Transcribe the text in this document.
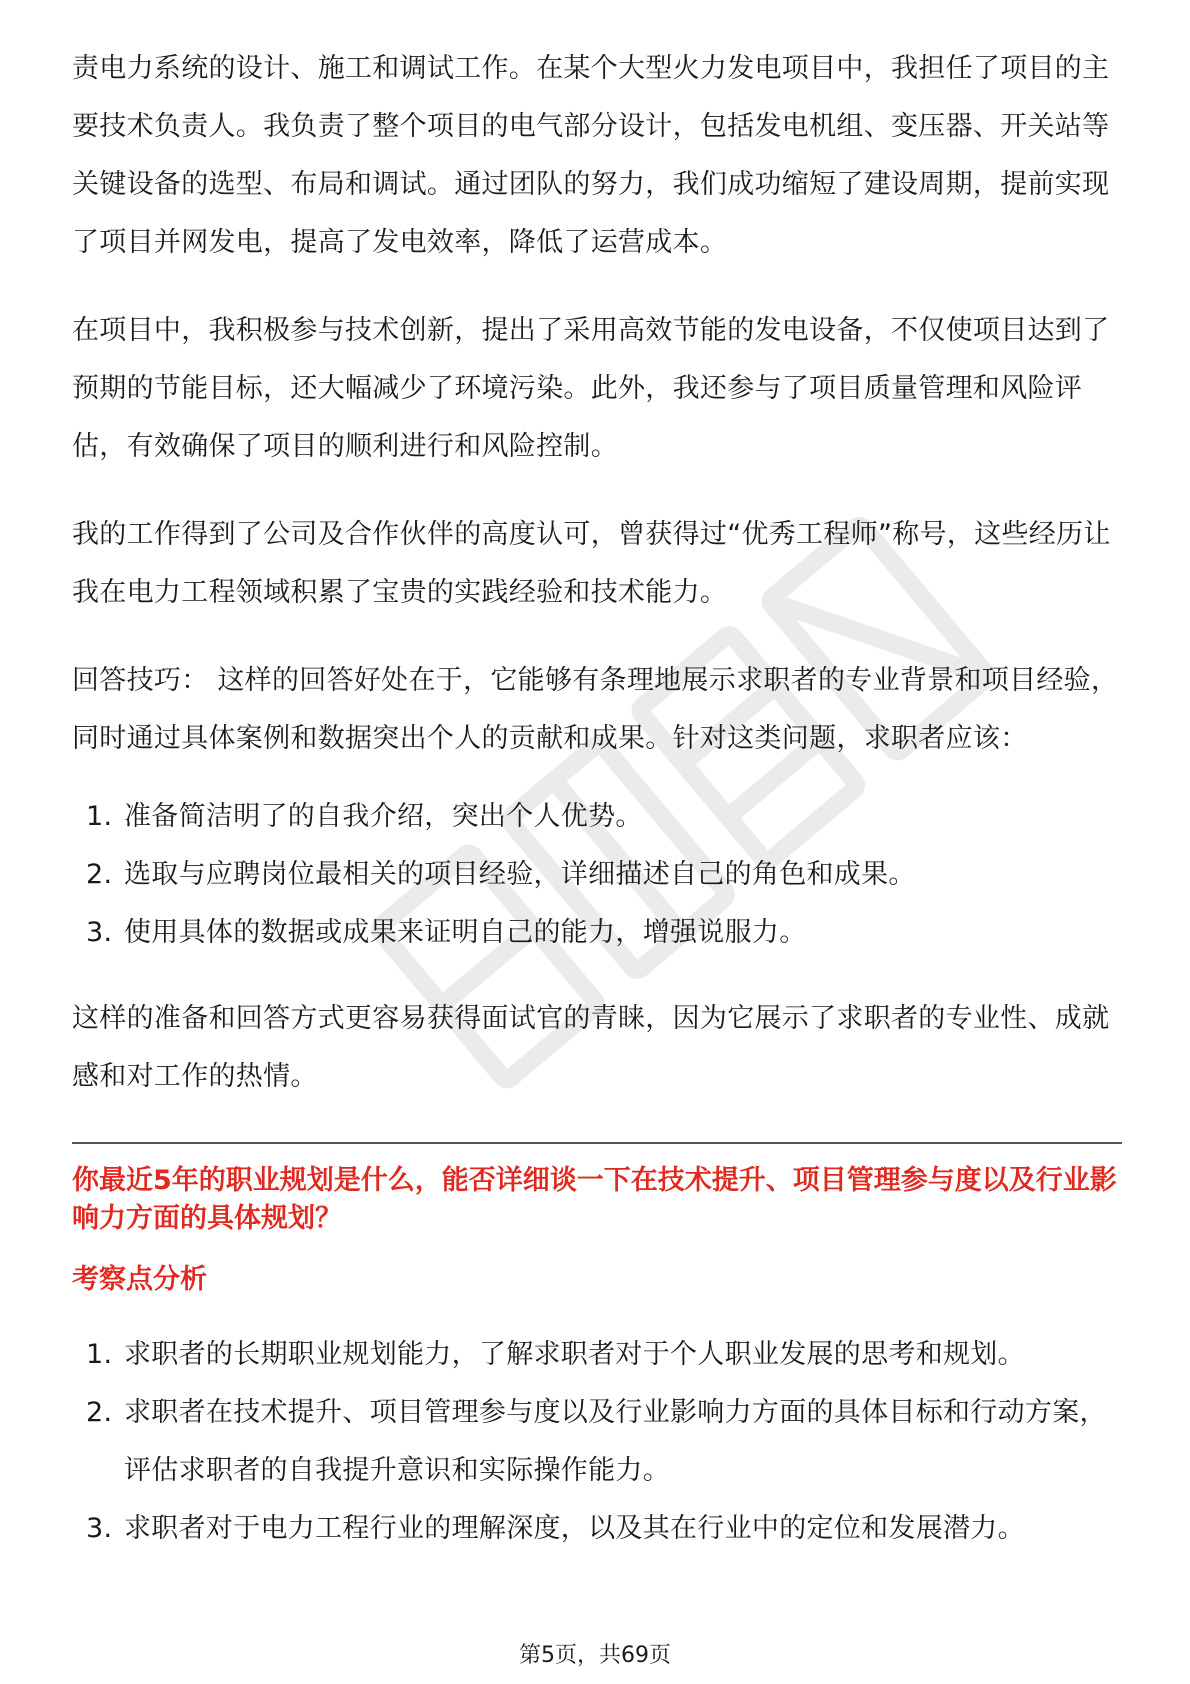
责电力系统的设计、施工和调试工作。在某个大型火力发电项目中，我担任了项目的主要技术负责人。我负责了整个项目的电气部分设计，包括发电机组、变压器、开关站等关键设备的选型、布局和调试。通过团队的努力，我们成功缩短了建设周期，提前实现了项目并网发电，提高了发电效率，降低了运营成本。

在项目中，我积极参与技术创新，提出了采用高效节能的发电设备，不仅使项目达到了预期的节能目标，还大幅减少了环境污染。此外，我还参与了项目质量管理和风险评估，有效确保了项目的顺利进行和风险控制。

我的工作得到了公司及合作伙伴的高度认可，曾获得过“优秀工程师”称号，这些经历让我在电力工程领域积累了宝贵的实践经验和技术能力。

回答技巧： 这样的回答好处在于，它能够有条理地展示求职者的专业背景和项目经验，同时通过具体案例和数据突出个人的贡献和成果。针对这类问题，求职者应该：

1. 准备简洁明了的自我介绍，突出个人优势。
2. 选取与应聘岗位最相关的项目经验，详细描述自己的角色和成果。
3. 使用具体的数据或成果来证明自己的能力，增强说服力。

这样的准备和回答方式更容易获得面试官的青睐，因为它展示了求职者的专业性、成就感和对工作的热情。

你最近5年的职业规划是什么，能否详细谈一下在技术提升、项目管理参与度以及行业影响力方面的具体规划？

考察点分析

1. 求职者的长期职业规划能力，了解求职者对于个人职业发展的思考和规划。
2. 求职者在技术提升、项目管理参与度以及行业影响力方面的具体目标和行动方案，评估求职者的自我提升意识和实际操作能力。
3. 求职者对于电力工程行业的理解深度，以及其在行业中的定位和发展潜力。
第5页，共69页
